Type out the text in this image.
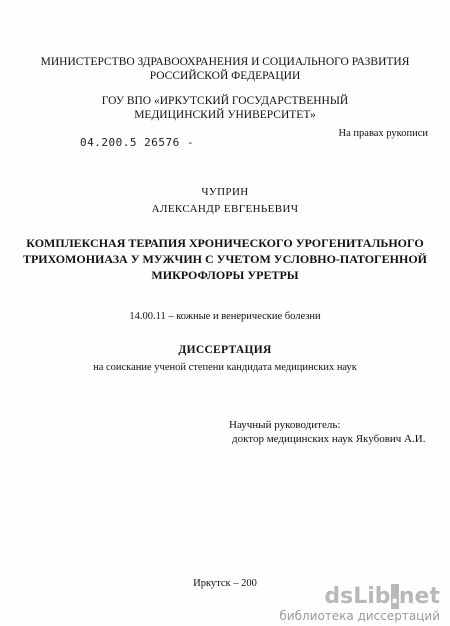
МИНИСТЕРСТВО ЗДРАВООХРАНЕНИЯ И СОЦИАЛЬНОГО РАЗВИТИЯ
РОССИЙСКОЙ ФЕДЕРАЦИИ
ГОУ ВПО «ИРКУТСКИЙ ГОСУДАРСТВЕННЫЙ
МЕДИЦИНСКИЙ УНИВЕРСИТЕТ»
На правах рукописи
04.200.5 26576 -
ЧУПРИН
АЛЕКСАНДР ЕВГЕНЬЕВИЧ
КОМПЛЕКСНАЯ ТЕРАПИЯ ХРОНИЧЕСКОГО УРОГЕНИТАЛЬНОГО
ТРИХОМОНИАЗА У МУЖЧИН С УЧЕТОМ УСЛОВНО-ПАТОГЕННОЙ
МИКРОФЛОРЫ УРЕТРЫ
14.00.11 – кожные и венерические болезни
ДИССЕРТАЦИЯ
на соискание ученой степени кандидата медицинских наук
Научный руководитель:
доктор медицинских наук Якубович А.И.
Иркутск – 200
dsLib.net
библиотека диссертаций
